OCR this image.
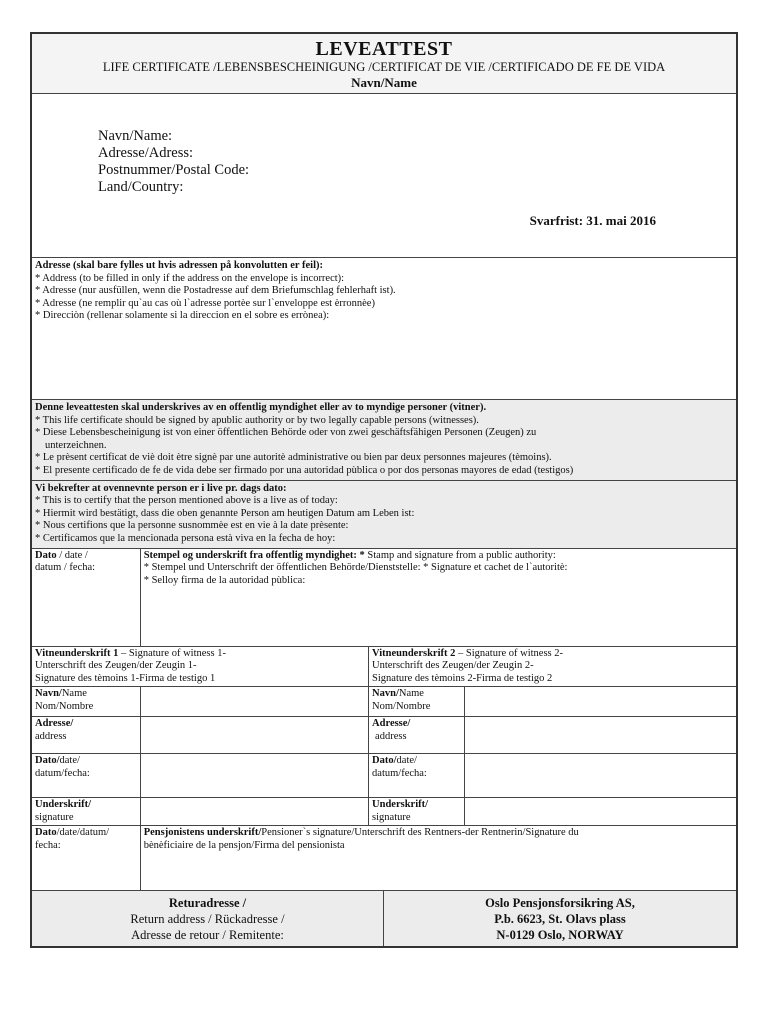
LEVEATTEST
LIFE CERTIFICATE /LEBENSBESCHEINIGUNG /CERTIFICAT DE VIE /CERTIFICADO DE FE DE VIDA
Navn/Name
Navn/Name:
Adresse/Adress:
Postnummer/Postal Code:
Land/Country:
Svarfrist: 31. mai 2016
Adresse (skal bare fylles ut hvis adressen på konvolutten er feil):
* Address (to be filled in only if the address on the envelope is incorrect):
* Adresse (nur ausfüllen, wenn die Postadresse auf dem Briefumschlag fehlerhaft ist).
* Adresse (ne remplir qu`au cas où l`adresse portèe sur l`enveloppe est èrronnèe)
* Direcciòn (rellenar solamente si la direccion en el sobre es errònea):
Denne leveattesten skal underskrives av en offentlig myndighet eller av to myndige personer (vitner).
* This life certificate should be signed by apublic authority or by two legally capable persons (witnesses).
* Diese Lebensbescheinigung ist von einer öffentlichen Behörde oder von zwei geschäftsfähigen Personen (Zeugen) zu
unterzeichnen.
* Le prèsent certificat de viè doit ètre signè par une autoritè administrative ou bien par deux personnes majeures (tèmoins).
* El presente certificado de fe de vida debe ser firmado por una autoridad pùblica o por dos personas mayores de edad (testigos)
Vi bekrefter at ovennevnte person er i live pr. dags dato:
* This is to certify that the person mentioned above is a live as of today:
* Hiermit wird bestätigt, dass die oben genannte Person am heutigen Datum am Leben ist:
* Nous certifions que la personne susnommèe est en vie à la date prèsente:
* Certificamos que la mencionada persona està viva en la fecha de hoy:
Dato / date /
datum / fecha:
Stempel og underskrift fra offentlig myndighet: * Stamp and signature from a public authority:
* Stempel und Unterschrift der öffentlichen Behörde/Dienststelle: * Signature et cachet de l`autoritè:
* Selloy firma de la autoridad pùblica:
Vitneunderskrift 1 – Signature of witness 1-
Unterschrift des Zeugen/der Zeugin 1-
Signature des tèmoins 1-Firma de testigo 1
Vitneunderskrift 2 – Signature of witness 2-
Unterschrift des Zeugen/der Zeugin 2-
Signature des tèmoins 2-Firma de testigo 2
Navn/Name
Nom/Nombre
Navn/Name
Nom/Nombre
Adresse/
address
Adresse/
address
Dato/date/
datum/fecha:
Dato/date/
datum/fecha:
Underskrift/
signature
Underskrift/
signature
Dato/date/datum/
fecha:
Pensjonistens underskrift/Pensioner`s signature/Unterschrift des Rentners-der Rentnerin/Signature du
bènèficiaire de la pensjon/Firma del pensionista
Returadresse /
Return address / Rückadresse /
Adresse de retour / Remitente:
Oslo Pensjonsforsikring AS,
P.b. 6623, St. Olavs plass
N-0129 Oslo, NORWAY
